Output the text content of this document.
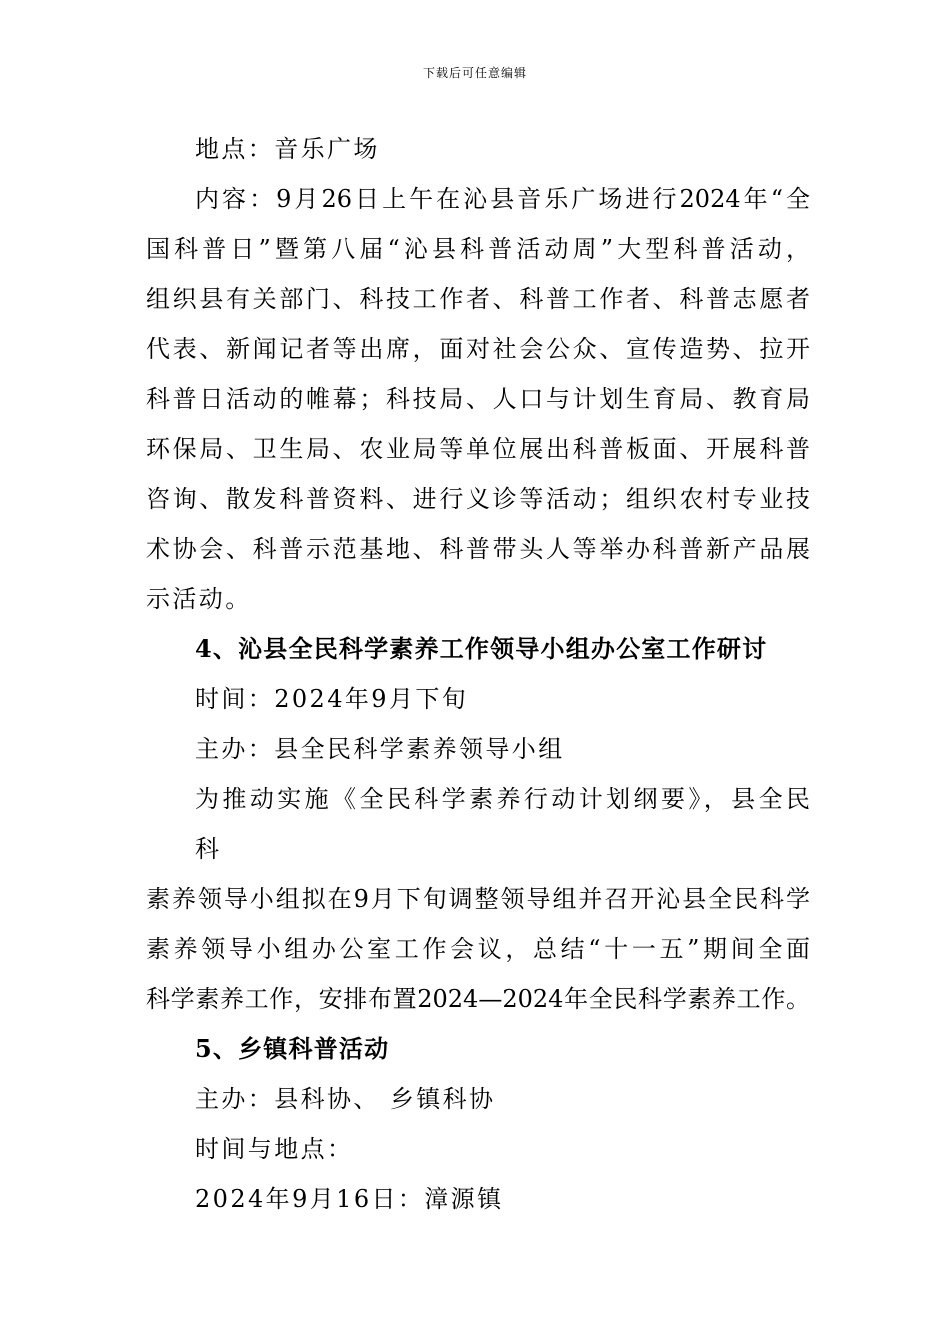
下载后可任意编辑
地点：音乐广场
内容：9月26日上午在沁县音乐广场进行2024年“全
国科普日”暨第八届“沁县科普活动周”大型科普活动，
组织县有关部门、科技工作者、科普工作者、科普志愿者
代表、新闻记者等出席，面对社会公众、宣传造势、拉开
科普日活动的帷幕；科技局、人口与计划生育局、教育局
环保局、卫生局、农业局等单位展出科普板面、开展科普
咨询、散发科普资料、进行义诊等活动；组织农村专业技
术协会、科普示范基地、科普带头人等举办科普新产品展
示活动。
4、沁县全民科学素养工作领导小组办公室工作研讨
时间：2024年9月下旬
主办：县全民科学素养领导小组
为推动实施《全民科学素养行动计划纲要》，县全民
科
素养领导小组拟在9月下旬调整领导组并召开沁县全民科学
素养领导小组办公室工作会议，总结“十一五”期间全面
科学素养工作，安排布置2024—2024年全民科学素养工作。
5、乡镇科普活动
主办：县科协、 乡镇科协
时间与地点：
2024年9月16日：漳源镇
